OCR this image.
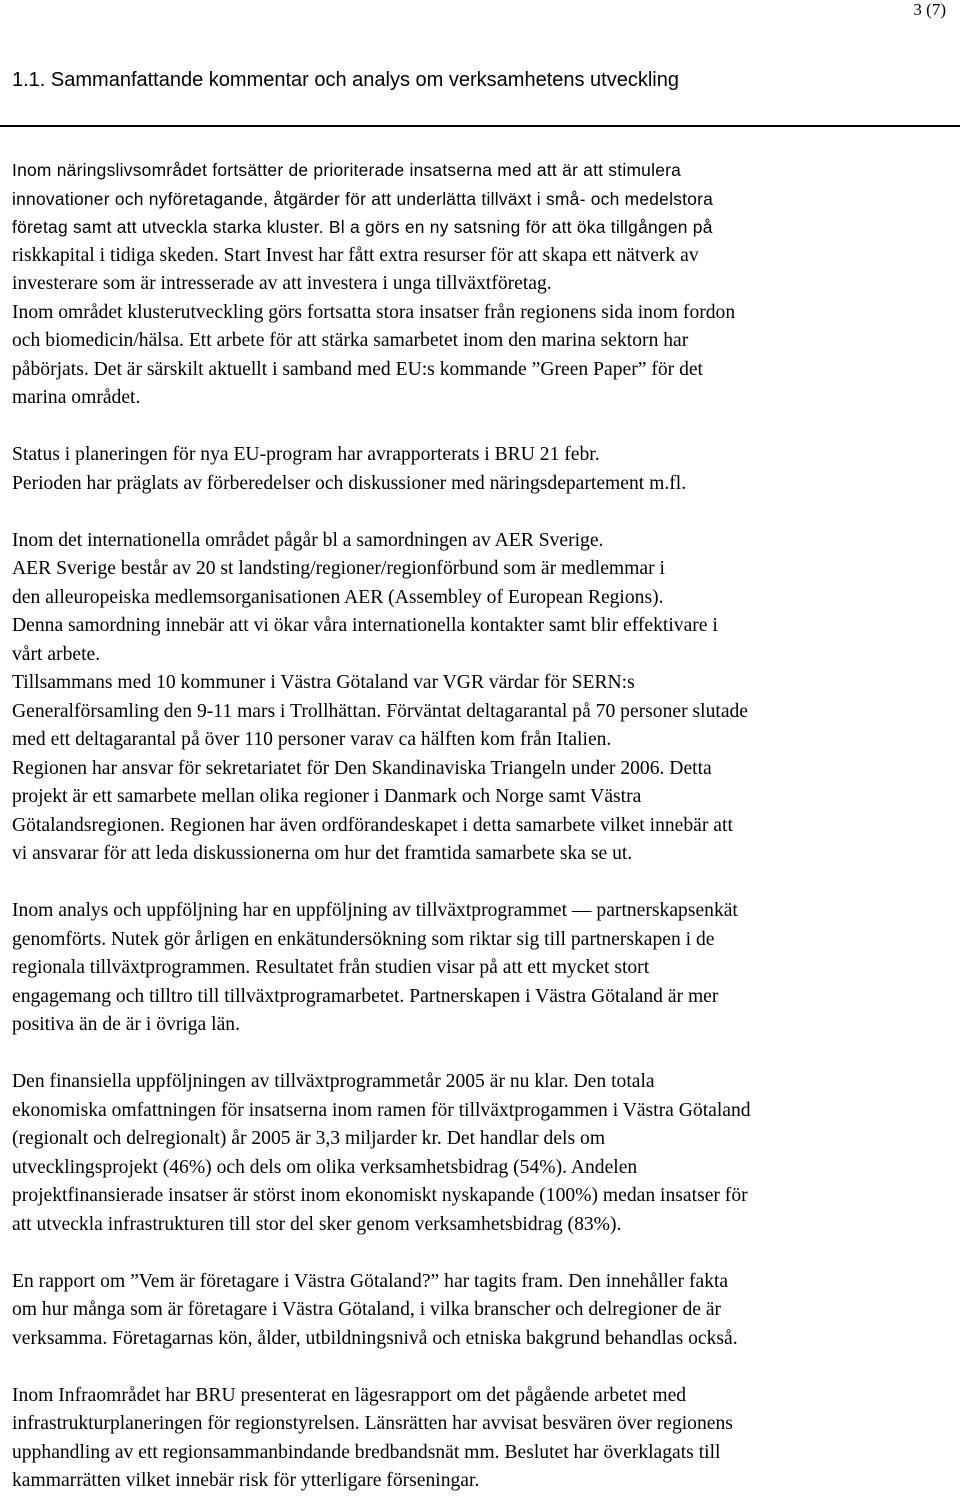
3 (7)
1.1. Sammanfattande kommentar och analys om verksamhetens utveckling
Inom näringslivsområdet fortsätter de prioriterade insatserna med att är att stimulera
innovationer och nyföretagande, åtgärder för att underlätta tillväxt i små- och medelstora
företag samt att utveckla starka kluster. Bl a görs en ny satsning för att öka tillgången på
riskkapital i tidiga skeden. Start Invest har fått extra resurser för att skapa ett nätverk av
investerare som är intresserade av att investera i unga tillväxtföretag.
Inom området klusterutveckling görs fortsatta stora insatser från regionens sida inom fordon
och biomedicin/hälsa. Ett arbete för att stärka samarbetet inom den marina sektorn har
påbörjats. Det är särskilt aktuellt i samband med EU:s kommande ”Green Paper” för det
marina området.
Status i planeringen för nya EU-program har avrapporterats i BRU 21 febr.
Perioden har präglats av förberedelser och diskussioner med näringsdepartement m.fl.
Inom det internationella området pågår bl a samordningen av AER Sverige.
AER Sverige består av 20 st landsting/regioner/regionförbund som är medlemmar i
den alleuropeiska medlemsorganisationen AER (Assembley of European Regions).
Denna samordning innebär att vi ökar våra internationella kontakter samt blir effektivare i
vårt arbete.
Tillsammans med 10 kommuner i Västra Götaland var VGR värdar för SERN:s
Generalförsamling den 9-11 mars i Trollhättan. Förväntat deltagarantal på 70 personer slutade
med ett deltagarantal på över 110 personer varav ca hälften kom från Italien.
Regionen har ansvar för sekretariatet för Den Skandinaviska Triangeln under 2006. Detta
projekt är ett samarbete mellan olika regioner i Danmark och Norge samt Västra
Götalandsregionen. Regionen har även ordförandeskapet i detta samarbete vilket innebär att
vi ansvarar för att leda diskussionerna om hur det framtida samarbete ska se ut.
Inom analys och uppföljning har en uppföljning av tillväxtprogrammet — partnerskapsenkät
genomförts. Nutek gör årligen en enkätundersökning som riktar sig till partnerskapen i de
regionala tillväxtprogrammen. Resultatet från studien visar på att ett mycket stort
engagemang och tilltro till tillväxtprogramarbetet. Partnerskapen i Västra Götaland är mer
positiva än de är i övriga län.
Den finansiella uppföljningen av tillväxtprogrammetår 2005 är nu klar. Den totala
ekonomiska omfattningen för insatserna inom ramen för tillväxtprogammen i Västra Götaland
(regionalt och delregionalt) år 2005 är 3,3 miljarder kr. Det handlar dels om
utvecklingsprojekt (46%) och dels om olika verksamhetsbidrag (54%). Andelen
projektfinansierade insatser är störst inom ekonomiskt nyskapande (100%) medan insatser för
att utveckla infrastrukturen till stor del sker genom verksamhetsbidrag (83%).
En rapport om ”Vem är företagare i Västra Götaland?” har tagits fram. Den innehåller fakta
om hur många som är företagare i Västra Götaland, i vilka branscher och delregioner de är
verksamma. Företagarnas kön, ålder, utbildningsnivå och etniska bakgrund behandlas också.
Inom Infraområdet har BRU presenterat en lägesrapport om det pågående arbetet med
infrastrukturplaneringen för regionstyrelsen. Länsrätten har avvisat besvären över regionens
upphandling av ett regionsammanbindande bredbandsnät mm. Beslutet har överklagats till
kammarrätten vilket innebär risk för ytterligare förseningar.
